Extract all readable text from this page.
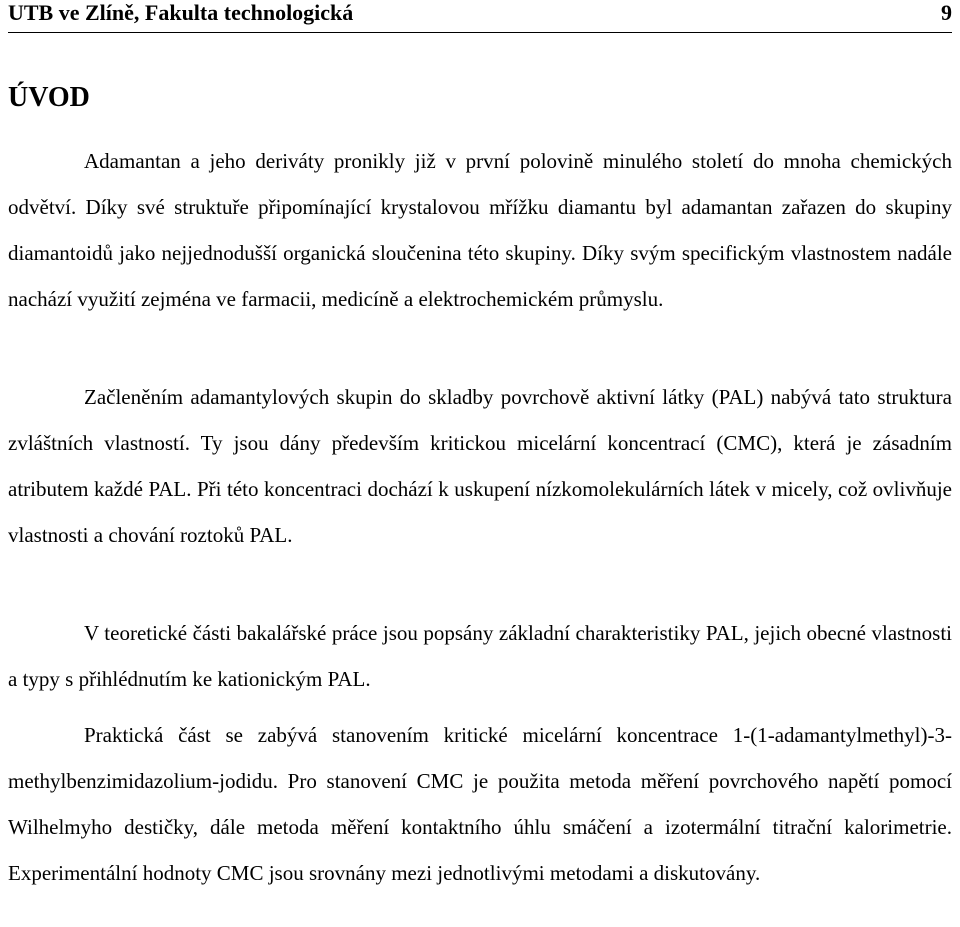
UTB ve Zlíně, Fakulta technologická	9
ÚVOD

Adamantan a jeho deriváty pronikly již v první polovině minulého století do mnoha chemických odvětví. Díky své struktuře připomínající krystalovou mřížku diamantu byl adamantan zařazen do skupiny diamantoidů jako nejjednodušší organická sloučenina této skupiny. Díky svým specifickým vlastnostem nadále nachází využití zejména ve farmacii, medicíně a elektrochemickém průmyslu.

Začleněním adamantylových skupin do skladby povrchově aktivní látky (PAL) nabývá tato struktura zvláštních vlastností. Ty jsou dány především kritickou micelární koncentrací (CMC), která je zásadním atributem každé PAL. Při této koncentraci dochází k uskupení nízkomolekulárních látek v micely, což ovlivňuje vlastnosti a chování roztoků PAL.

V teoretické části bakalářské práce jsou popsány základní charakteristiky PAL, jejich obecné vlastnosti a typy s přihlédnutím ke kationickým PAL.

Praktická část se zabývá stanovením kritické micelární koncentrace 1-(1-adamantylmethyl)-3-methylbenzimidazolium-jodidu. Pro stanovení CMC je použita metoda měření povrchového napětí pomocí Wilhelmyho destičky, dále metoda měření kontaktního úhlu smáčení a izotermální titrační kalorimetrie. Experimentální hodnoty CMC jsou srovnány mezi jednotlivými metodami a diskutovány.
